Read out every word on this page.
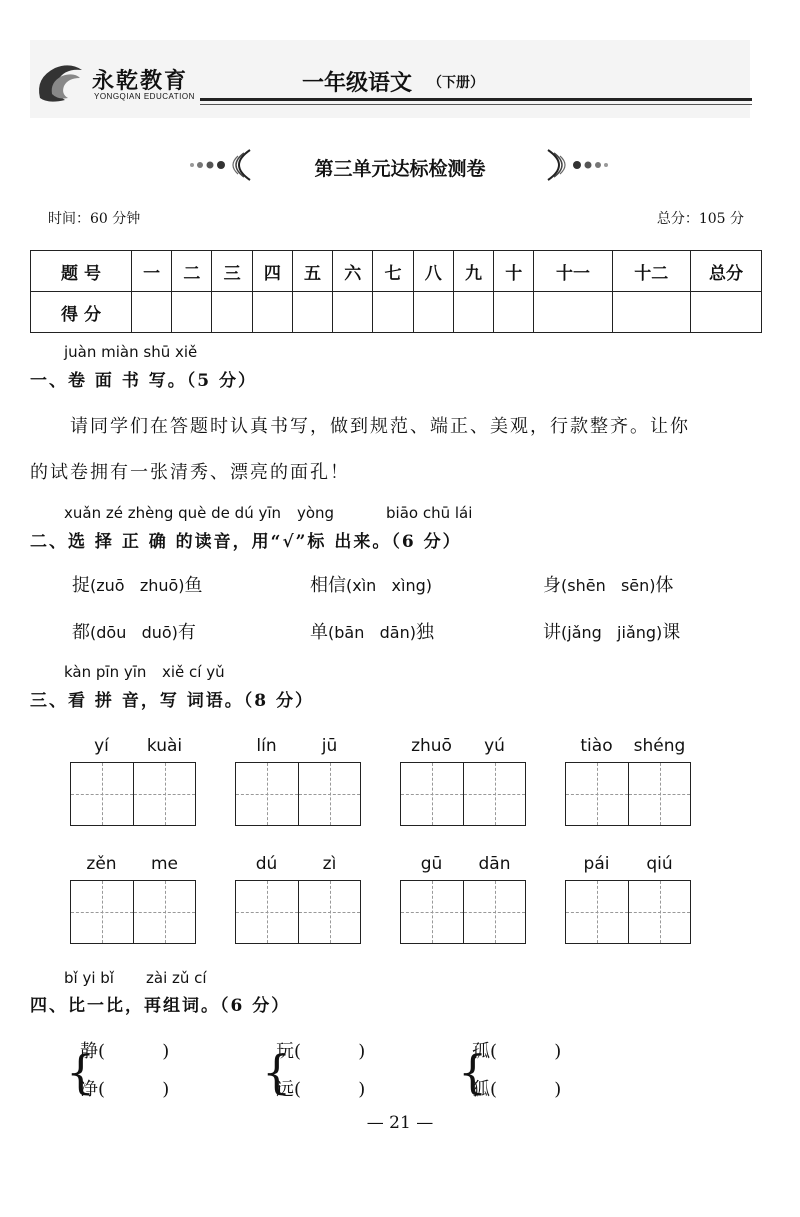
永乾教育
YONGQIAN EDUCATION
一年级语文 （下册）
第三单元达标检测卷
时间：60 分钟	总分：105 分
题 号	一	二	三	四	五	六	七	八	九	十	十一	十二	总分
得 分													
juàn miàn shū xiě
一、卷 面 书 写。（5 分）
请同学们在答题时认真书写，做到规范、端正、美观，行款整齐。让你
的试卷拥有一张清秀、漂亮的面孔！
xuǎn zé zhèng què de dú yīn yòng	biāo chū lái
二、选 择 正 确 的读音，用“√”标 出来。（6 分）
捉(zuō   zhuō)鱼	相信(xìn   xìng)	身(shēn   sēn)体
都(dōu   duō)有	单(bān   dān)独	讲(jǎng   jiǎng)课
kàn pīn yīn xiě cí yǔ
三、看 拼 音，写 词语。（8 分）
yí	kuài	lín	jū	zhuō	yú	tiào	shéng
zěn	me	dú	zì	gū	dān	pái	qiú
bǐ yi bǐ zài zǔ cí
四、比一比，再组词。（6 分）
{
静(          )
净(          ) {
玩(          )
远(          ) {
孤(          )
狐(          )
— 21 —
